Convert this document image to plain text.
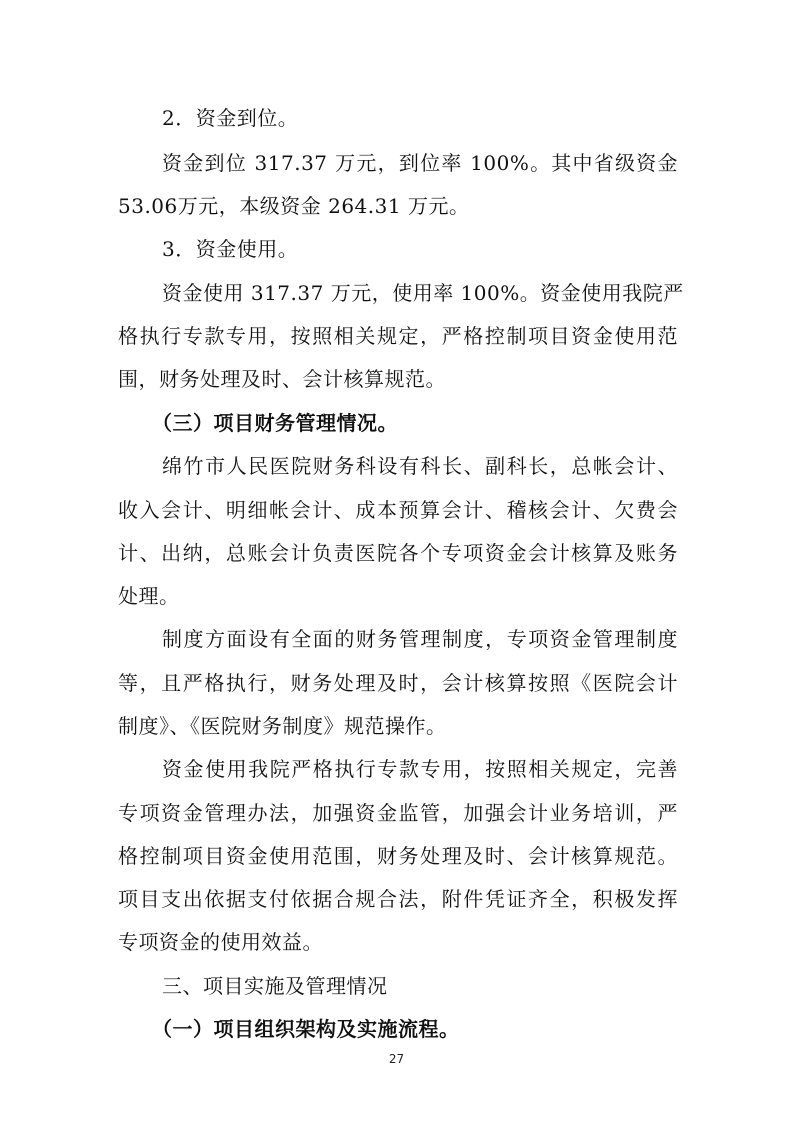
2．资金到位。
资金到位 317.37 万元，到位率 100%。其中省级资金
53.06万元，本级资金 264.31 万元。
3．资金使用。
资金使用 317.37 万元，使用率 100%。资金使用我院严
格执行专款专用，按照相关规定，严格控制项目资金使用范
围，财务处理及时、会计核算规范。
（三）项目财务管理情况。
绵竹市人民医院财务科设有科长、副科长，总帐会计、
收入会计、明细帐会计、成本预算会计、稽核会计、欠费会
计、出纳，总账会计负责医院各个专项资金会计核算及账务
处理。
制度方面设有全面的财务管理制度，专项资金管理制度
等，且严格执行，财务处理及时，会计核算按照《医院会计
制度》、《医院财务制度》规范操作。
资金使用我院严格执行专款专用，按照相关规定，完善
专项资金管理办法，加强资金监管，加强会计业务培训，严
格控制项目资金使用范围，财务处理及时、会计核算规范。
项目支出依据支付依据合规合法，附件凭证齐全，积极发挥
专项资金的使用效益。
三、项目实施及管理情况
（一）项目组织架构及实施流程。
27
